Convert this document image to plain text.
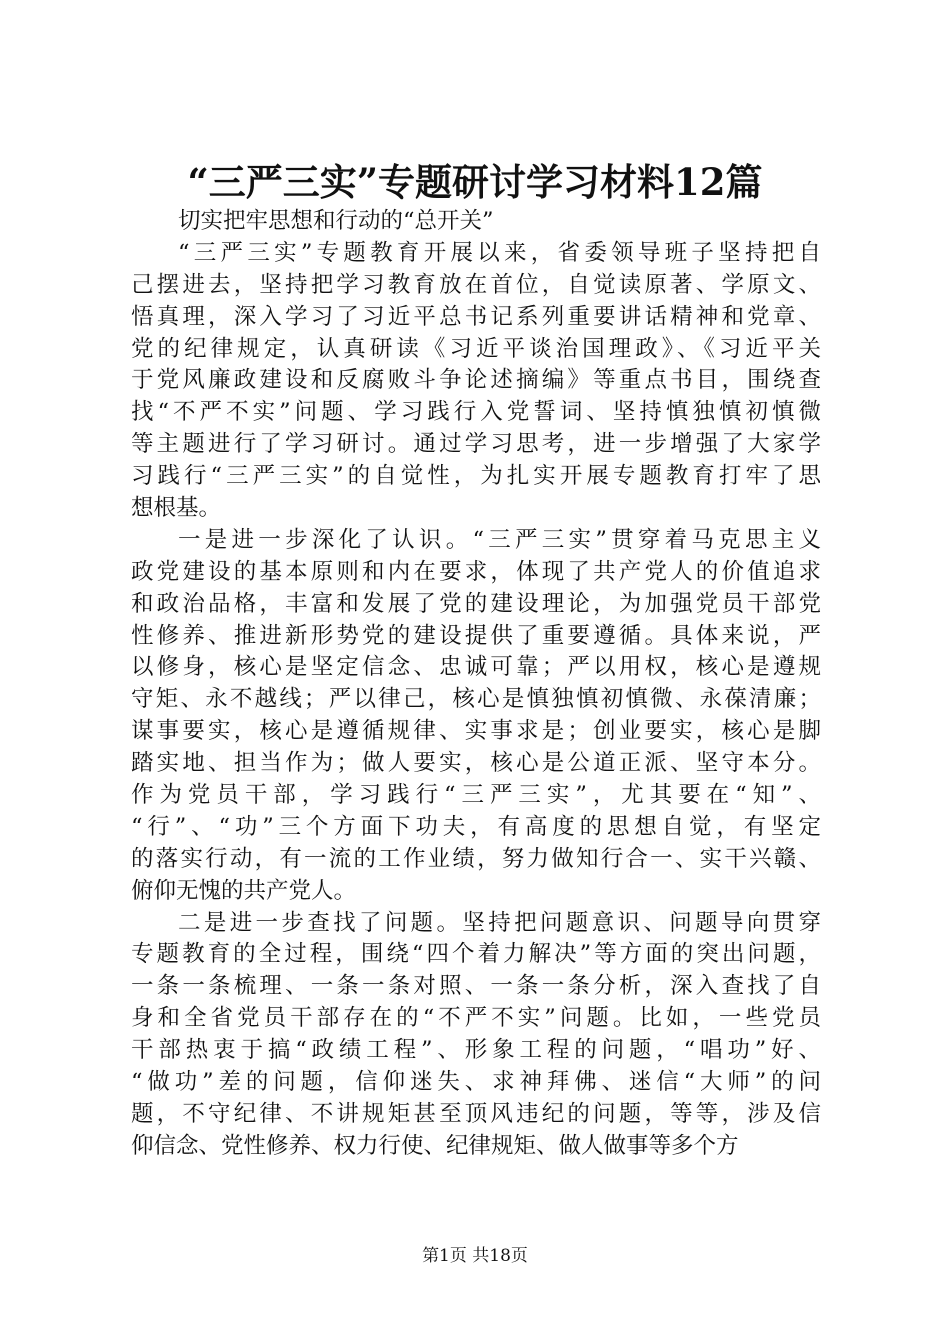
“三严三实”专题研讨学习材料12篇
切实把牢思想和行动的“总开关”
“三严三实”专题教育开展以来，省委领导班子坚持把自
己摆进去，坚持把学习教育放在首位，自觉读原著、学原文、
悟真理，深入学习了习近平总书记系列重要讲话精神和党章、
党的纪律规定，认真研读《习近平谈治国理政》、《习近平关
于党风廉政建设和反腐败斗争论述摘编》等重点书目，围绕查
找“不严不实”问题、学习践行入党誓词、坚持慎独慎初慎微
等主题进行了学习研讨。通过学习思考，进一步增强了大家学
习践行“三严三实”的自觉性，为扎实开展专题教育打牢了思
想根基。
一是进一步深化了认识。“三严三实”贯穿着马克思主义
政党建设的基本原则和内在要求，体现了共产党人的价值追求
和政治品格，丰富和发展了党的建设理论，为加强党员干部党
性修养、推进新形势党的建设提供了重要遵循。具体来说，严
以修身，核心是坚定信念、忠诚可靠；严以用权，核心是遵规
守矩、永不越线；严以律己，核心是慎独慎初慎微、永葆清廉；
谋事要实，核心是遵循规律、实事求是；创业要实，核心是脚
踏实地、担当作为；做人要实，核心是公道正派、坚守本分。
作为党员干部，学习践行“三严三实”，尤其要在“知”、
“行”、“功”三个方面下功夫，有高度的思想自觉，有坚定
的落实行动，有一流的工作业绩，努力做知行合一、实干兴赣、
俯仰无愧的共产党人。
二是进一步查找了问题。坚持把问题意识、问题导向贯穿
专题教育的全过程，围绕“四个着力解决”等方面的突出问题，
一条一条梳理、一条一条对照、一条一条分析，深入查找了自
身和全省党员干部存在的“不严不实”问题。比如，一些党员
干部热衷于搞“政绩工程”、形象工程的问题，“唱功”好、
“做功”差的问题，信仰迷失、求神拜佛、迷信“大师”的问
题，不守纪律、不讲规矩甚至顶风违纪的问题，等等，涉及信
仰信念、党性修养、权力行使、纪律规矩、做人做事等多个方
第1页 共18页
